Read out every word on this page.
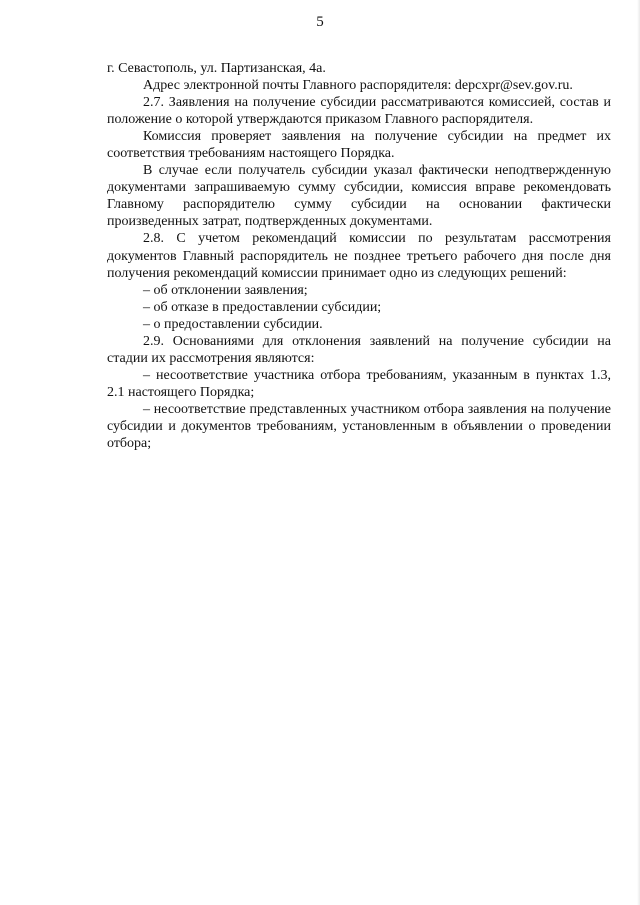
5

г. Севастополь, ул. Партизанская, 4а.

Адрес электронной почты Главного распорядителя: depcxpr@sev.gov.ru.

2.7. Заявления на получение субсидии рассматриваются комиссией, состав и положение о которой утверждаются приказом Главного распорядителя.

Комиссия проверяет заявления на получение субсидии на предмет их соответствия требованиям настоящего Порядка.

В случае если получатель субсидии указал фактически неподтвержденную документами запрашиваемую сумму субсидии, комиссия вправе рекомендовать Главному распорядителю сумму субсидии на основании фактически произведенных затрат, подтвержденных документами.

2.8. С учетом рекомендаций комиссии по результатам рассмотрения документов Главный распорядитель не позднее третьего рабочего дня после дня получения рекомендаций комиссии принимает одно из следующих решений:

– об отклонении заявления;

– об отказе в предоставлении субсидии;

– о предоставлении субсидии.

2.9. Основаниями для отклонения заявлений на получение субсидии на стадии их рассмотрения являются:

– несоответствие участника отбора требованиям, указанным в пунктах 1.3, 2.1 настоящего Порядка;

– несоответствие представленных участником отбора заявления на получение субсидии и документов требованиям, установленным в объявлении о проведении отбора;
